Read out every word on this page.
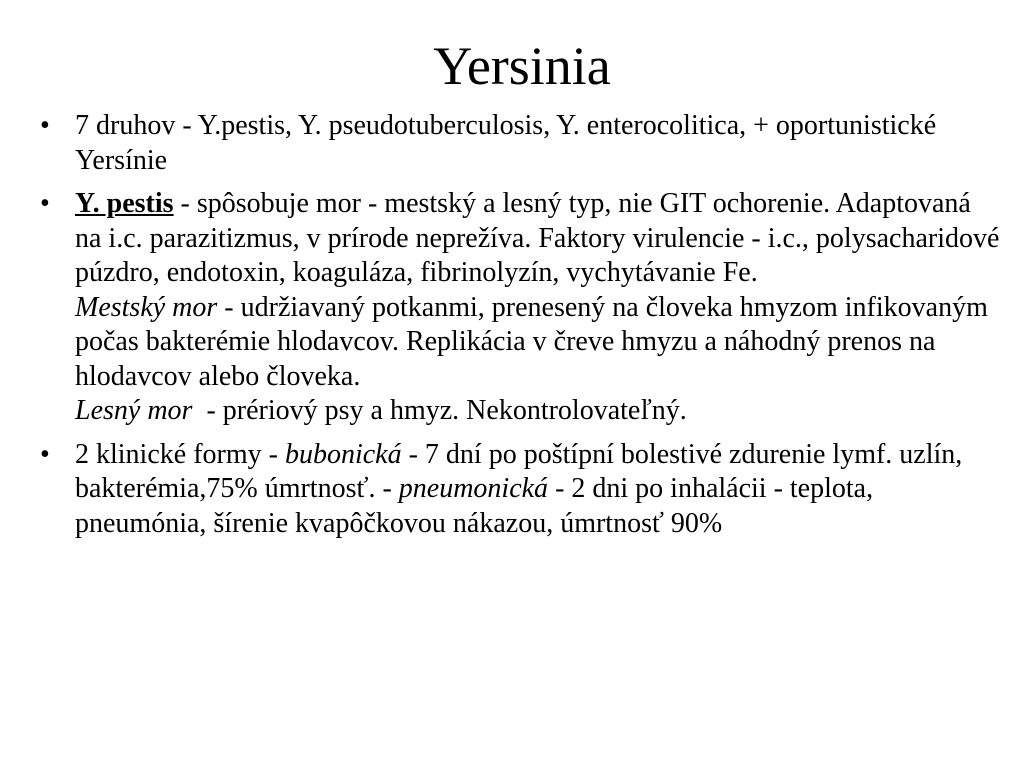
Yersinia
• 7 druhov - Y.pestis, Y. pseudotuberculosis, Y. enterocolitica, + oportunistické Yersínie
• Y. pestis - spôsobuje mor - mestský a lesný typ, nie GIT ochorenie. Adaptovaná na i.c. parazitizmus, v prírode neprežíva. Faktory virulencie - i.c., polysacharidové púzdro, endotoxin, koaguláza, fibrinolyzín, vychytávanie Fe.
Mestský mor - udržiavaný potkanmi, prenesený na človeka hmyzom infikovaným počas bakterémie hlodavcov. Replikácia v čreve hmyzu a náhodný prenos na hlodavcov alebo človeka.
Lesný mor  - prériový psy a hmyz. Nekontrolovateľný.
• 2 klinické formy - bubonická - 7 dní po poštípní bolestivé zdurenie lymf. uzlín, bakterémia,75% úmrtnosť. - pneumonická - 2 dni po inhalácii - teplota, pneumónia, šírenie kvapôčkovou nákazou, úmrtnosť 90%
